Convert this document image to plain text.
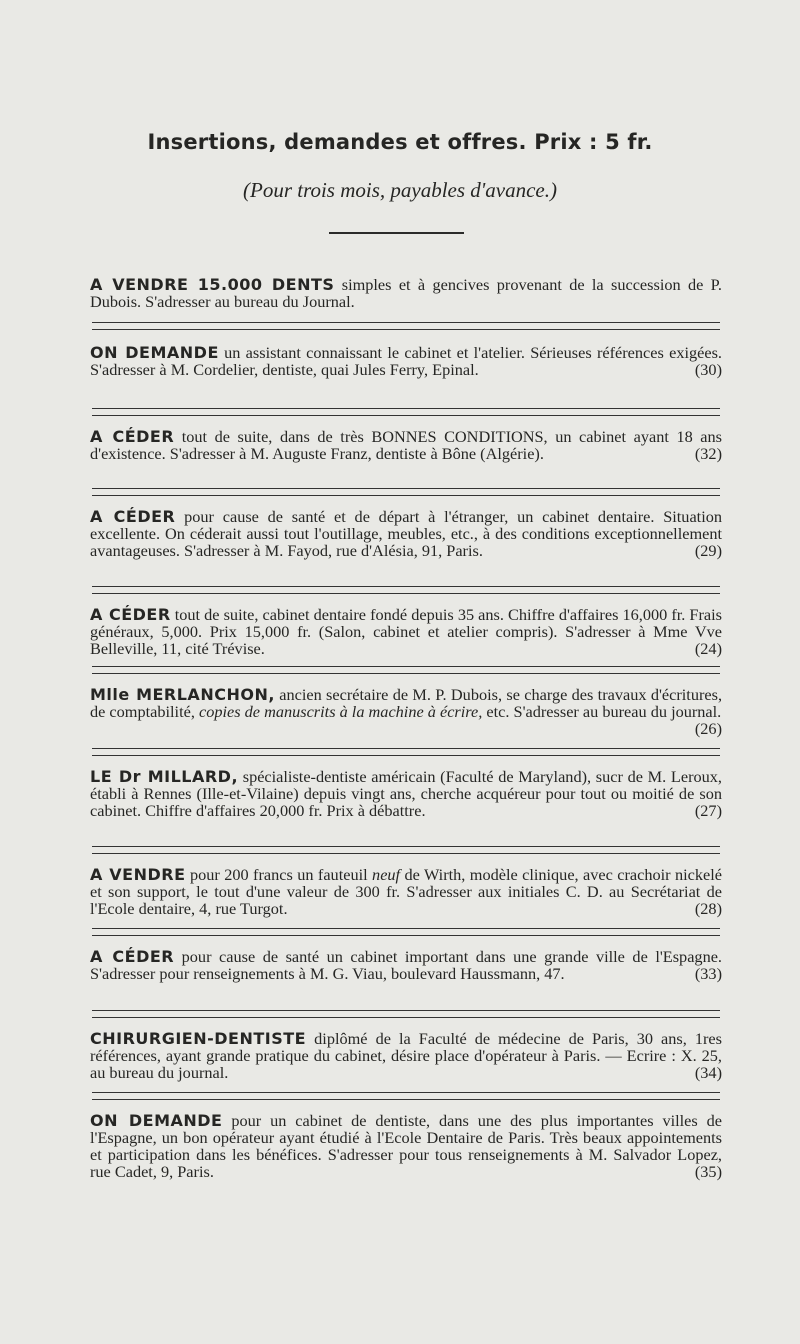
Insertions, demandes et offres. Prix : 5 fr.
(Pour trois mois, payables d'avance.)
A VENDRE 15.000 DENTS simples et à gencives provenant de la succession de P. Dubois. S'adresser au bureau du Journal.
ON DEMANDE un assistant connaissant le cabinet et l'atelier. Sérieuses références exigées. S'adresser à M. Cordelier, dentiste, quai Jules Ferry, Epinal.	(30)
A CÉDER tout de suite, dans de très BONNES CONDITIONS, un cabinet ayant 18 ans d'existence. S'adresser à M. Auguste Franz, dentiste à Bône (Algérie).	(32)
A CÉDER pour cause de santé et de départ à l'étranger, un cabinet dentaire. Situation excellente. On céderait aussi tout l'outillage, meubles, etc., à des conditions exceptionnellement avantageuses. S'adresser à M. Fayod, rue d'Alésia, 91, Paris.	(29)
A CÉDER tout de suite, cabinet dentaire fondé depuis 35 ans. Chiffre d'affaires 16,000 fr. Frais généraux, 5,000. Prix 15,000 fr. (Salon, cabinet et atelier compris). S'adresser à Mme Vve Belleville, 11, cité Trévise.	(24)
Mlle MERLANCHON, ancien secrétaire de M. P. Dubois, se charge des travaux d'écritures, de comptabilité, copies de manuscrits à la machine à écrire, etc. S'adresser au bureau du journal.
(26)
LE Dr MILLARD, spécialiste-dentiste américain (Faculté de Maryland), sucr de M. Leroux, établi à Rennes (Ille-et-Vilaine) depuis vingt ans, cherche acquéreur pour tout ou moitié de son cabinet. Chiffre d'affaires 20,000 fr. Prix à débattre.	(27)
A VENDRE pour 200 francs un fauteuil neuf de Wirth, modèle clinique, avec crachoir nickelé et son support, le tout d'une valeur de 300 fr. S'adresser aux initiales C. D. au Secrétariat de l'Ecole dentaire, 4, rue Turgot.	(28)
A CÉDER pour cause de santé un cabinet important dans une grande ville de l'Espagne. S'adresser pour renseignements à M. G. Viau, boulevard Haussmann, 47.	(33)
CHIRURGIEN-DENTISTE diplômé de la Faculté de médecine de Paris, 30 ans, 1res références, ayant grande pratique du cabinet, désire place d'opérateur à Paris. — Ecrire : X. 25, au bureau du journal.	(34)
ON DEMANDE pour un cabinet de dentiste, dans une des plus importantes villes de l'Espagne, un bon opérateur ayant étudié à l'Ecole Dentaire de Paris. Très beaux appointements et participation dans les bénéfices. S'adresser pour tous renseignements à M. Salvador Lopez, rue Cadet, 9, Paris.	(35)
